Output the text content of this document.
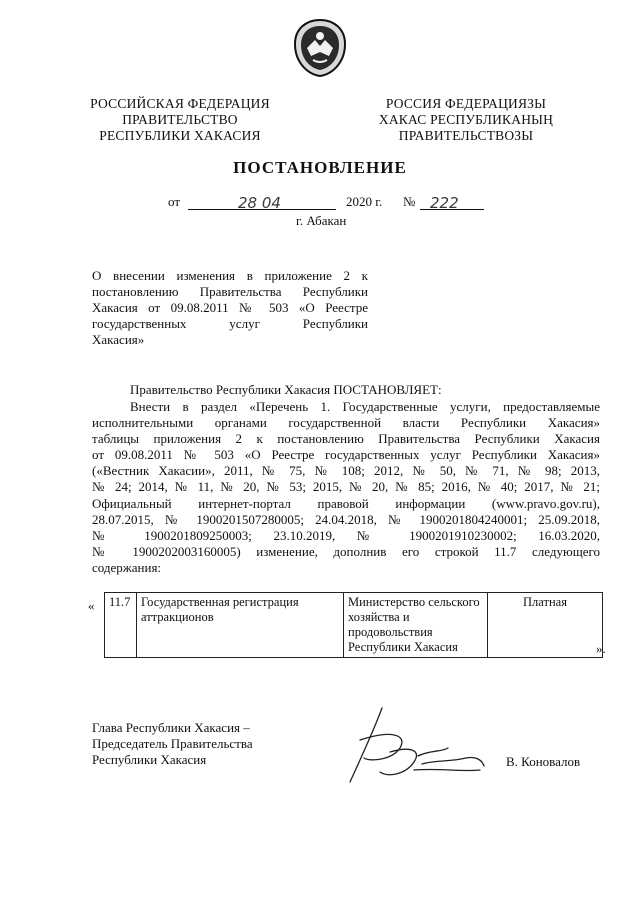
РОССИЙСКАЯ ФЕДЕРАЦИЯ
ПРАВИТЕЛЬСТВО
РЕСПУБЛИКИ ХАКАСИЯ
РОССИЯ ФЕДЕРАЦИЯЗЫ
ХАКАС РЕСПУБЛИКАНЫҢ
ПРАВИТЕЛЬСТВОЗЫ
ПОСТАНОВЛЕНИЕ
от	28 04	2020 г. № 222
г. Абакан
О внесении изменения в приложение 2 к
постановлению Правительства Республики
Хакасия от 09.08.2011 № 503 «О Реестре
государственных услуг Республики
Хакасия»
Правительство Республики Хакасия ПОСТАНОВЛЯЕТ:
Внести в раздел «Перечень 1. Государственные услуги, предоставляемые
исполнительными органами государственной власти Республики Хакасия»
таблицы приложения 2 к постановлению Правительства Республики Хакасия
от 09.08.2011 № 503 «О Реестре государственных услуг Республики Хакасия»
(«Вестник Хакасии», 2011, № 75, № 108; 2012, № 50, № 71, № 98; 2013,
№ 24; 2014, № 11, № 20, № 53; 2015, № 20, № 85; 2016, № 40; 2017, № 21;
Официальный интернет-портал правовой информации (www.pravo.gov.ru),
28.07.2015, № 1900201507280005; 24.04.2018, № 1900201804240001; 25.09.2018,
№ 1900201809250003; 23.10.2019, № 1900201910230002; 16.03.2020,
№ 1900202003160005) изменение, дополнив его строкой 11.7 следующего
содержания:
« 11.7	Государственная регистрация аттракционов	Министерство сельского хозяйства и продовольствия Республики Хакасия	Платная
».
Глава Республики Хакасия –
Председатель Правительства
Республики Хакасия	В. Коновалов
